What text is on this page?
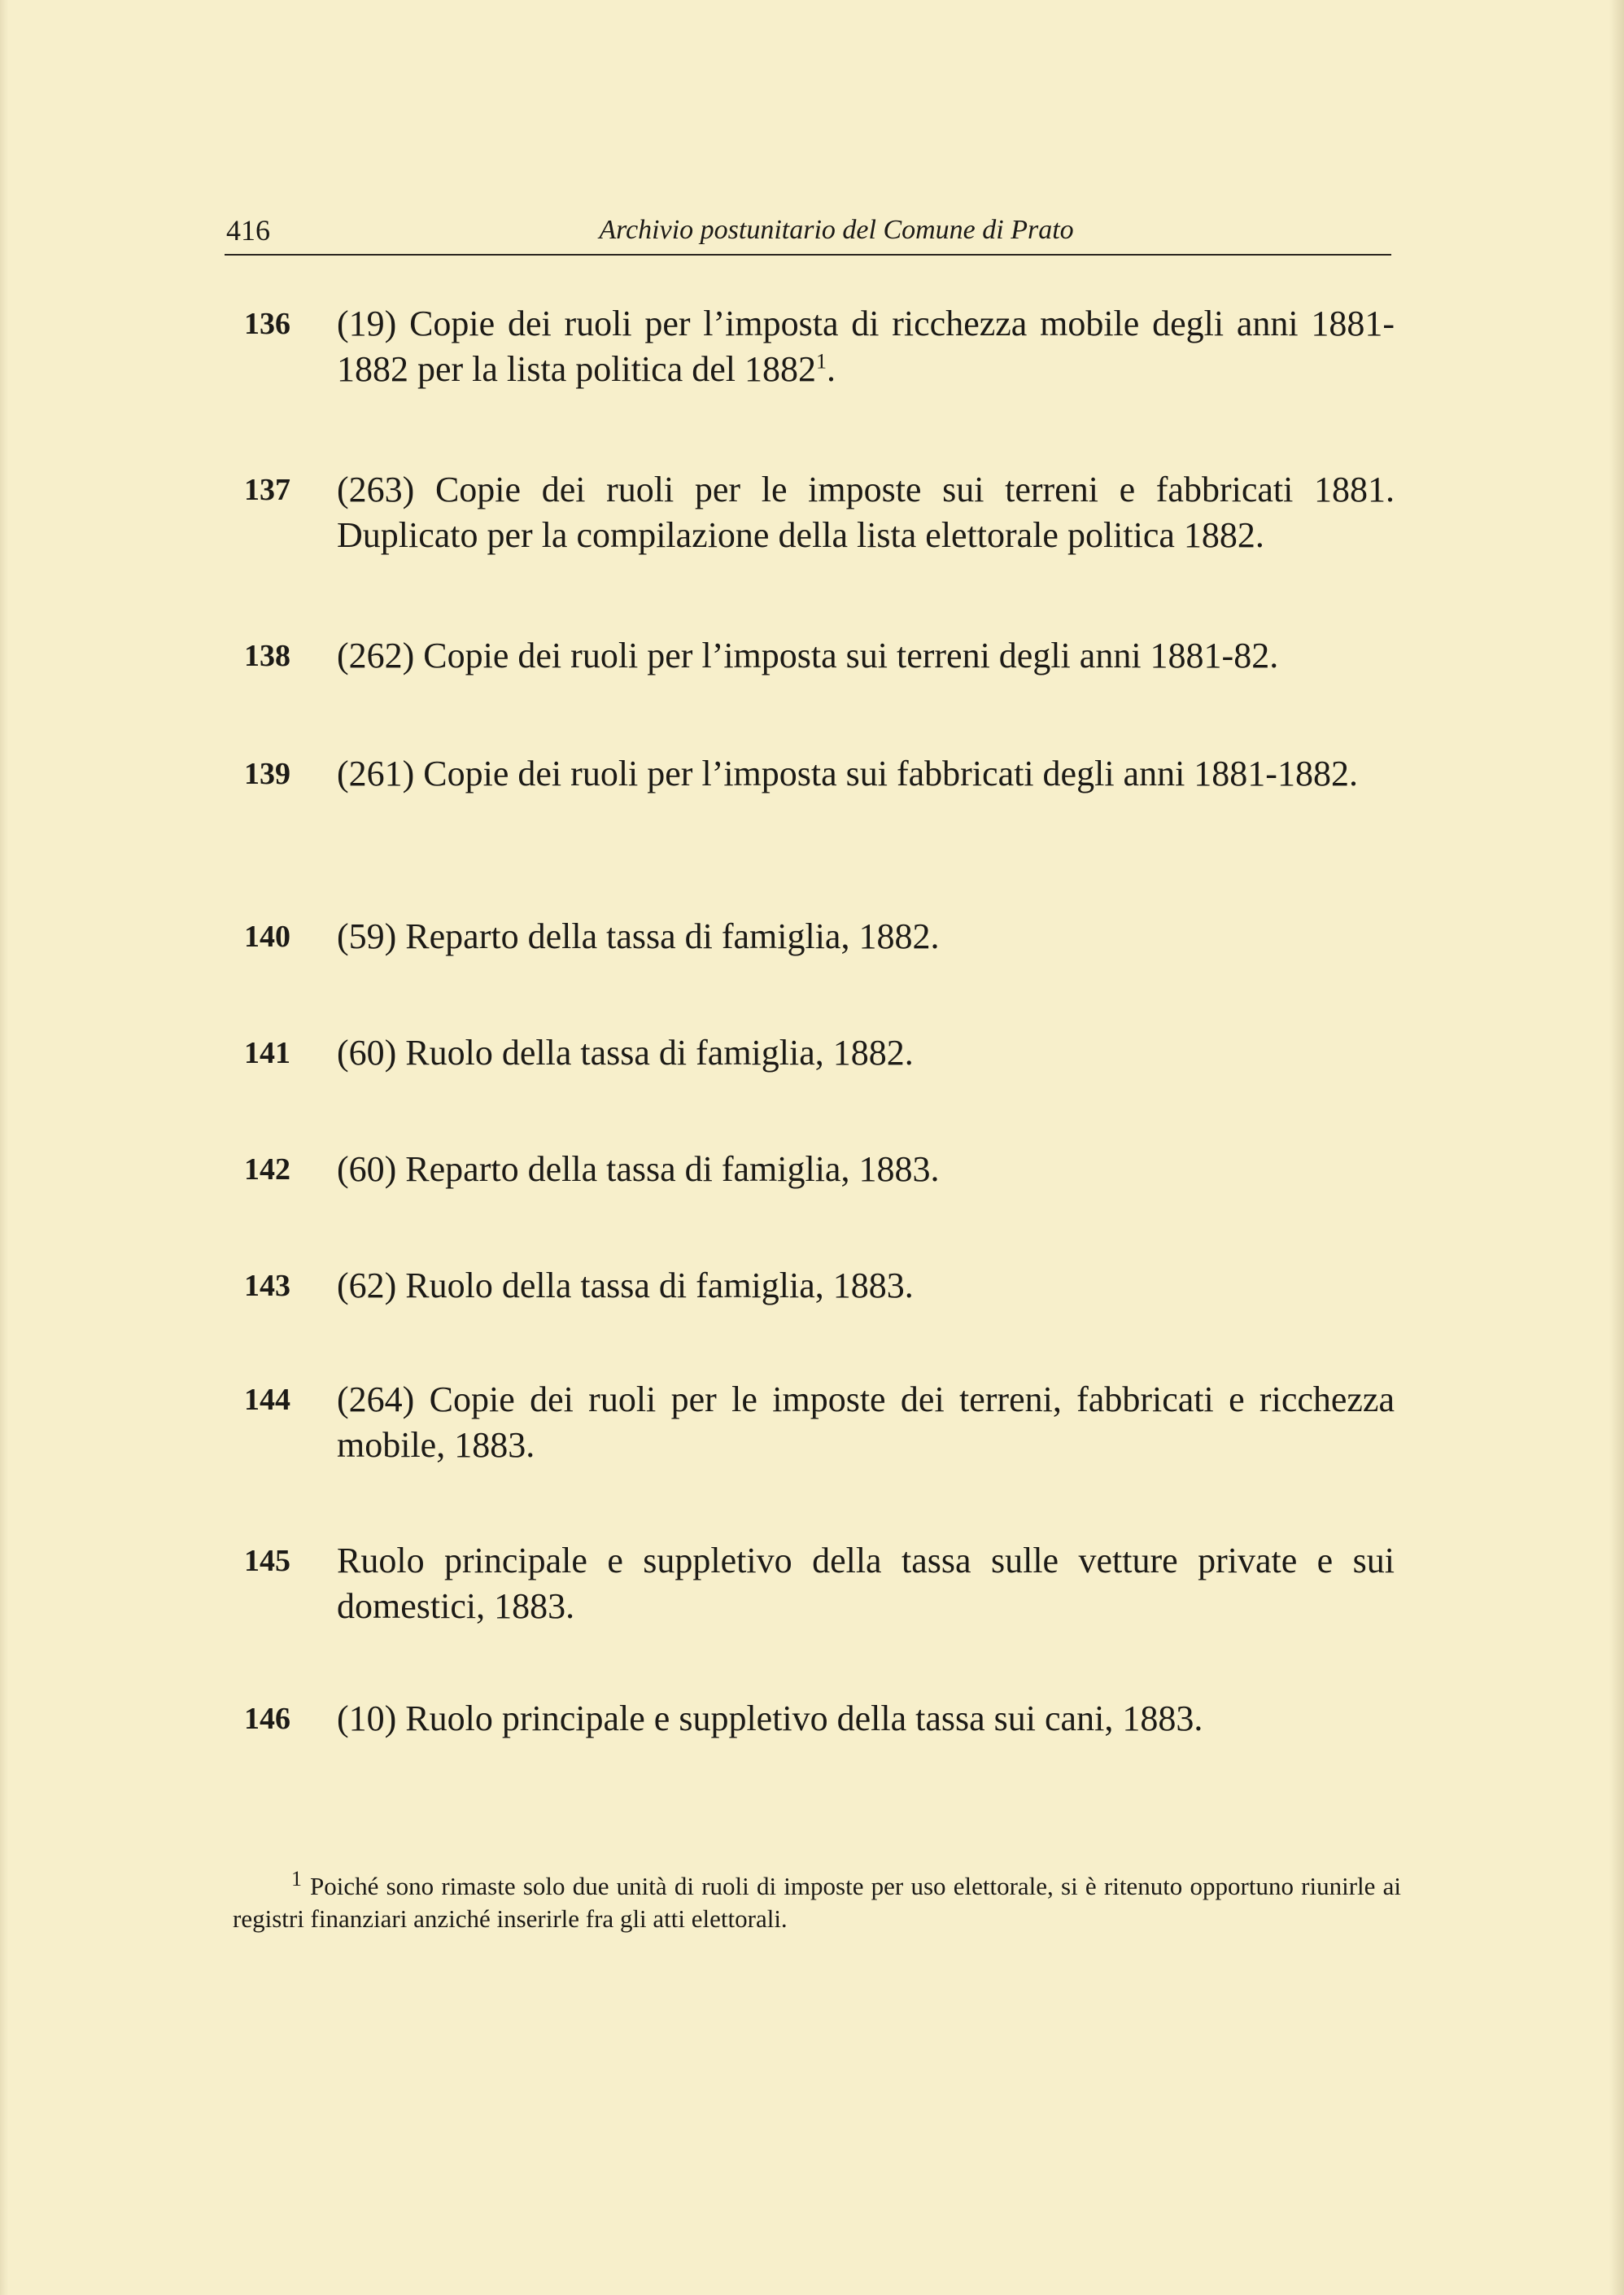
416	Archivio postunitario del Comune di Prato
136	(19) Copie dei ruoli per l’imposta di ricchezza mobile degli anni 1881-1882 per la lista politica del 1882$^1$.
137	(263) Copie dei ruoli per le imposte sui terreni e fabbricati 1881. Duplicato per la compilazione della lista elettorale politica 1882.
138	(262) Copie dei ruoli per l’imposta sui terreni degli anni 1881-82.
139	(261) Copie dei ruoli per l’imposta sui fabbricati degli anni 1881-1882.
140	(59) Reparto della tassa di famiglia, 1882.
141	(60) Ruolo della tassa di famiglia, 1882.
142	(60) Reparto della tassa di famiglia, 1883.
143	(62) Ruolo della tassa di famiglia, 1883.
144	(264) Copie dei ruoli per le imposte dei terreni, fabbricati e ricchezza mobile, 1883.
145	Ruolo principale e suppletivo della tassa sulle vetture private e sui domestici, 1883.
146	(10) Ruolo principale e suppletivo della tassa sui cani, 1883.
$^1$ Poiché sono rimaste solo due unità di ruoli di imposte per uso elettorale, si è ritenuto opportuno riunirle ai registri finanziari anziché inserirle fra gli atti elettorali.
